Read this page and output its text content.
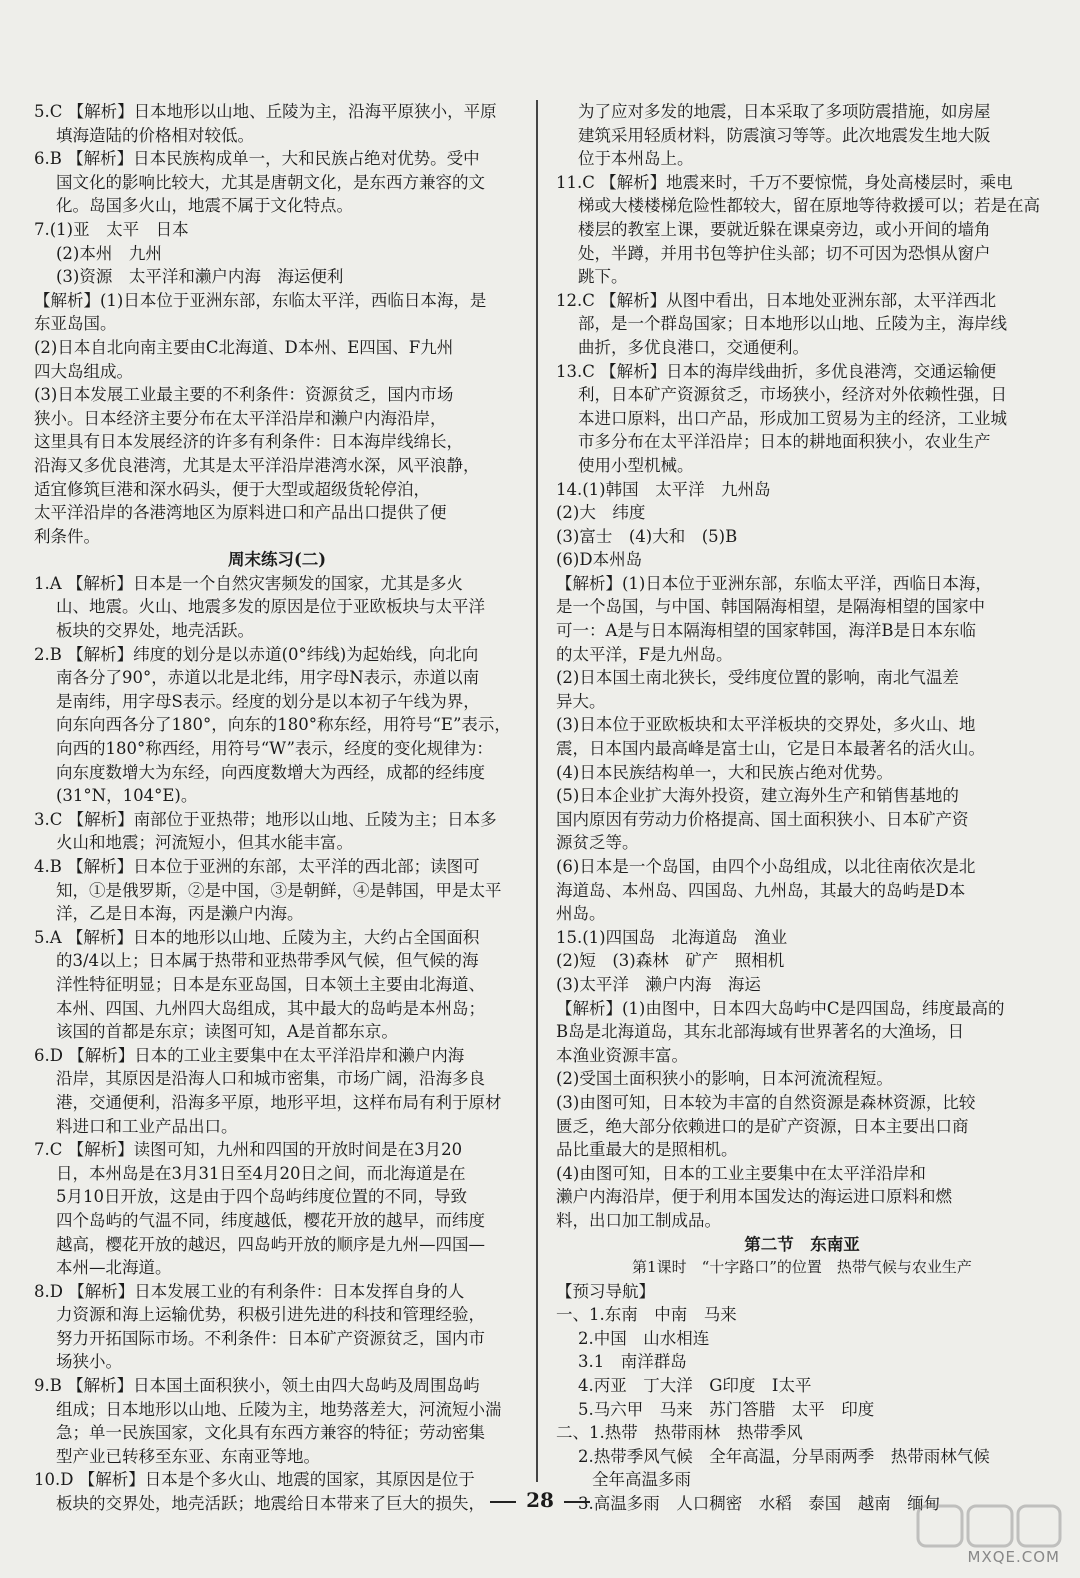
5.C 【解析】日本地形以山地、丘陵为主，沿海平原狭小，平原
填海造陆的价格相对较低。
6.B 【解析】日本民族构成单一，大和民族占绝对优势。受中
国文化的影响比较大，尤其是唐朝文化，是东西方兼容的文
化。岛国多火山，地震不属于文化特点。
7.(1)亚　太平　日本
(2)本州　九州
(3)资源　太平洋和濑户内海　海运便利
【解析】(1)日本位于亚洲东部，东临太平洋，西临日本海，是
东亚岛国。
(2)日本自北向南主要由C北海道、D本州、E四国、F九州
四大岛组成。
(3)日本发展工业最主要的不利条件：资源贫乏，国内市场
狭小。日本经济主要分布在太平洋沿岸和濑户内海沿岸，
这里具有日本发展经济的许多有利条件：日本海岸线绵长，
沿海又多优良港湾，尤其是太平洋沿岸港湾水深，风平浪静，
适宜修筑巨港和深水码头，便于大型或超级货轮停泊，
太平洋沿岸的各港湾地区为原料进口和产品出口提供了便
利条件。
周末练习(二)
1.A 【解析】日本是一个自然灾害频发的国家，尤其是多火
山、地震。火山、地震多发的原因是位于亚欧板块与太平洋
板块的交界处，地壳活跃。
2.B 【解析】纬度的划分是以赤道(0°纬线)为起始线，向北向
南各分了90°，赤道以北是北纬，用字母N表示，赤道以南
是南纬，用字母S表示。经度的划分是以本初子午线为界，
向东向西各分了180°，向东的180°称东经，用符号“E”表示，
向西的180°称西经，用符号“W”表示，经度的变化规律为：
向东度数增大为东经，向西度数增大为西经，成都的经纬度
(31°N，104°E)。
3.C 【解析】南部位于亚热带；地形以山地、丘陵为主；日本多
火山和地震；河流短小，但其水能丰富。
4.B 【解析】日本位于亚洲的东部，太平洋的西北部；读图可
知，①是俄罗斯，②是中国，③是朝鲜，④是韩国，甲是太平
洋，乙是日本海，丙是濑户内海。
5.A 【解析】日本的地形以山地、丘陵为主，大约占全国面积
的3/4以上；日本属于热带和亚热带季风气候，但气候的海
洋性特征明显；日本是东亚岛国，日本领土主要由北海道、
本州、四国、九州四大岛组成，其中最大的岛屿是本州岛；
该国的首都是东京；读图可知，A是首都东京。
6.D 【解析】日本的工业主要集中在太平洋沿岸和濑户内海
沿岸，其原因是沿海人口和城市密集，市场广阔，沿海多良
港，交通便利，沿海多平原，地形平坦，这样布局有利于原材
料进口和工业产品出口。
7.C 【解析】读图可知，九州和四国的开放时间是在3月20
日，本州岛是在3月31日至4月20日之间，而北海道是在
5月10日开放，这是由于四个岛屿纬度位置的不同，导致
四个岛屿的气温不同，纬度越低，樱花开放的越早，而纬度
越高，樱花开放的越迟，四岛屿开放的顺序是九州—四国—
本州—北海道。
8.D 【解析】日本发展工业的有利条件：日本发挥自身的人
力资源和海上运输优势，积极引进先进的科技和管理经验，
努力开拓国际市场。不利条件：日本矿产资源贫乏，国内市
场狭小。
9.B 【解析】日本国土面积狭小，领土由四大岛屿及周围岛屿
组成；日本地形以山地、丘陵为主，地势落差大，河流短小湍
急；单一民族国家，文化具有东西方兼容的特征；劳动密集
型产业已转移至东亚、东南亚等地。
10.D 【解析】日本是个多火山、地震的国家，其原因是位于
板块的交界处，地壳活跃；地震给日本带来了巨大的损失，
为了应对多发的地震，日本采取了多项防震措施，如房屋
建筑采用轻质材料，防震演习等等。此次地震发生地大阪
位于本州岛上。
11.C 【解析】地震来时，千万不要惊慌，身处高楼层时，乘电
梯或大楼楼梯危险性都较大，留在原地等待救援可以；若是在高
楼层的教室上课，要就近躲在课桌旁边，或小开间的墙角
处，半蹲，并用书包等护住头部；切不可因为恐惧从窗户
跳下。
12.C 【解析】从图中看出，日本地处亚洲东部，太平洋西北
部，是一个群岛国家；日本地形以山地、丘陵为主，海岸线
曲折，多优良港口，交通便利。
13.C 【解析】日本的海岸线曲折，多优良港湾，交通运输便
利，日本矿产资源贫乏，市场狭小，经济对外依赖性强，日
本进口原料，出口产品，形成加工贸易为主的经济，工业城
市多分布在太平洋沿岸；日本的耕地面积狭小，农业生产
使用小型机械。
14.(1)韩国　太平洋　九州岛
(2)大　纬度
(3)富士　(4)大和　(5)B
(6)D本州岛
【解析】(1)日本位于亚洲东部，东临太平洋，西临日本海，
是一个岛国，与中国、韩国隔海相望，是隔海相望的国家中
可一：A是与日本隔海相望的国家韩国，海洋B是日本东临
的太平洋，F是九州岛。
(2)日本国土南北狭长，受纬度位置的影响，南北气温差
异大。
(3)日本位于亚欧板块和太平洋板块的交界处，多火山、地
震，日本国内最高峰是富士山，它是日本最著名的活火山。
(4)日本民族结构单一，大和民族占绝对优势。
(5)日本企业扩大海外投资，建立海外生产和销售基地的
国内原因有劳动力价格提高、国土面积狭小、日本矿产资
源贫乏等。
(6)日本是一个岛国，由四个小岛组成，以北往南依次是北
海道岛、本州岛、四国岛、九州岛，其最大的岛屿是D本
州岛。
15.(1)四国岛　北海道岛　渔业
(2)短　(3)森林　矿产　照相机
(3)太平洋　濑户内海　海运
【解析】(1)由图中，日本四大岛屿中C是四国岛，纬度最高的
B岛是北海道岛，其东北部海域有世界著名的大渔场，日
本渔业资源丰富。
(2)受国土面积狭小的影响，日本河流流程短。
(3)由图可知，日本较为丰富的自然资源是森林资源，比较
匮乏，绝大部分依赖进口的是矿产资源，日本主要出口商
品比重最大的是照相机。
(4)由图可知，日本的工业主要集中在太平洋沿岸和
濑户内海沿岸，便于利用本国发达的海运进口原料和燃
料，出口加工制成品。
第二节　东南亚
第1课时　“十字路口”的位置　热带气候与农业生产
【预习导航】
一、1.东南　中南　马来
2.中国　山水相连
3.1　南洋群岛
4.丙亚　丁大洋　G印度　I太平
5.马六甲　马来　苏门答腊　太平　印度
二、1.热带　热带雨林　热带季风
2.热带季风气候　全年高温，分旱雨两季　热带雨林气候
全年高温多雨
3.高温多雨　人口稠密　水稻　泰国　越南　缅甸
28
MXQE.COM
